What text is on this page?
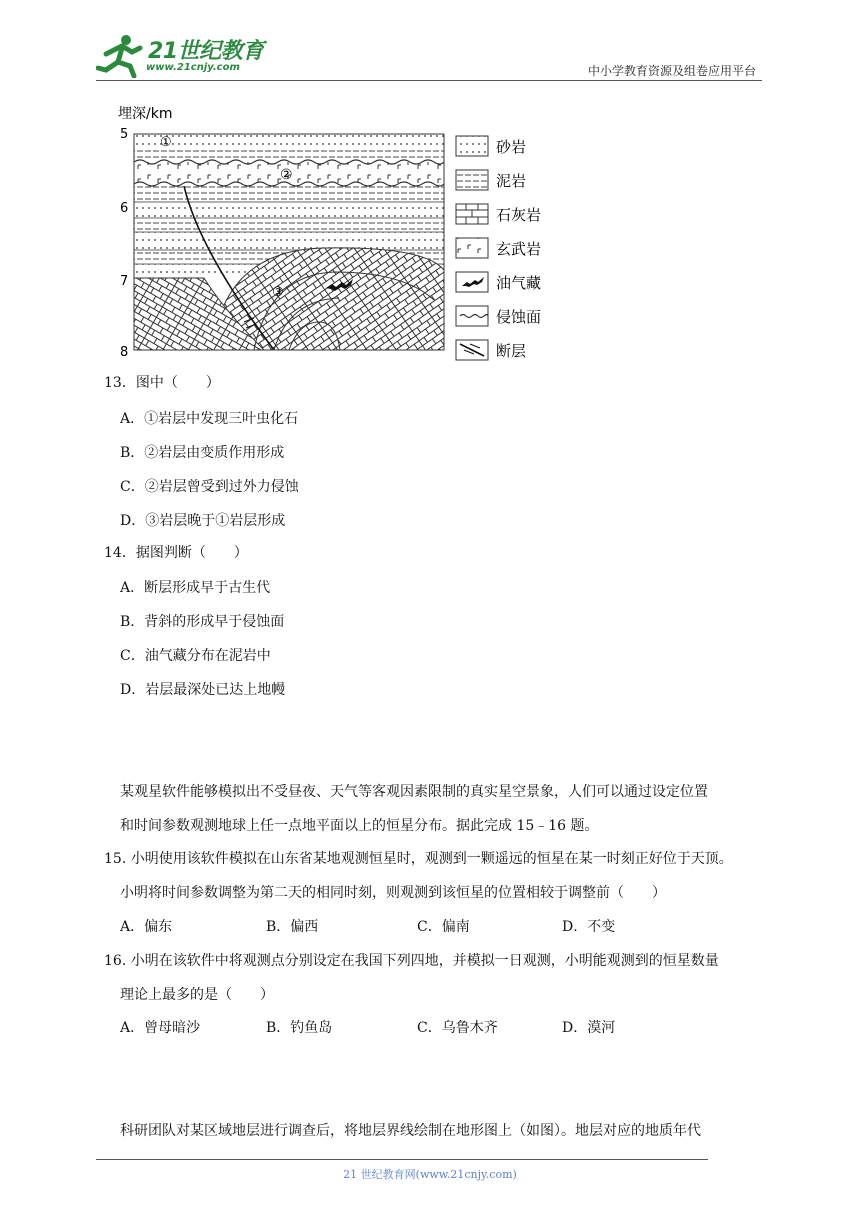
21世纪教育
www.21cnjy.com	中小学教育资源及组卷应用平台
埋深/km
5
6
7
8
①
②
③
砂岩
泥岩
石灰岩
玄武岩
油气藏
侵蚀面
断层
13．图中（　　）
A．①岩层中发现三叶虫化石
B．②岩层由变质作用形成
C．②岩层曾受到过外力侵蚀
D．③岩层晚于①岩层形成
14．据图判断（　　）
A．断层形成早于古生代
B．背斜的形成早于侵蚀面
C．油气藏分布在泥岩中
D．岩层最深处已达上地幔
某观星软件能够模拟出不受昼夜、天气等客观因素限制的真实星空景象，人们可以通过设定位置
和时间参数观测地球上任一点地平面以上的恒星分布。据此完成 15﹣16 题。
15. 小明使用该软件模拟在山东省某地观测恒星时，观测到一颗遥远的恒星在某一时刻正好位于天顶。
小明将时间参数调整为第二天的相同时刻，则观测到该恒星的位置相较于调整前（　　）
A．偏东	B．偏西	C．偏南	D．不变
16. 小明在该软件中将观测点分别设定在我国下列四地，并模拟一日观测，小明能观测到的恒星数量
理论上最多的是（　　）
A．曾母暗沙	B．钓鱼岛	C．乌鲁木齐	D．漠河
科研团队对某区域地层进行调查后，将地层界线绘制在地形图上（如图）。地层对应的地质年代
21 世纪教育网(www.21cnjy.com)
